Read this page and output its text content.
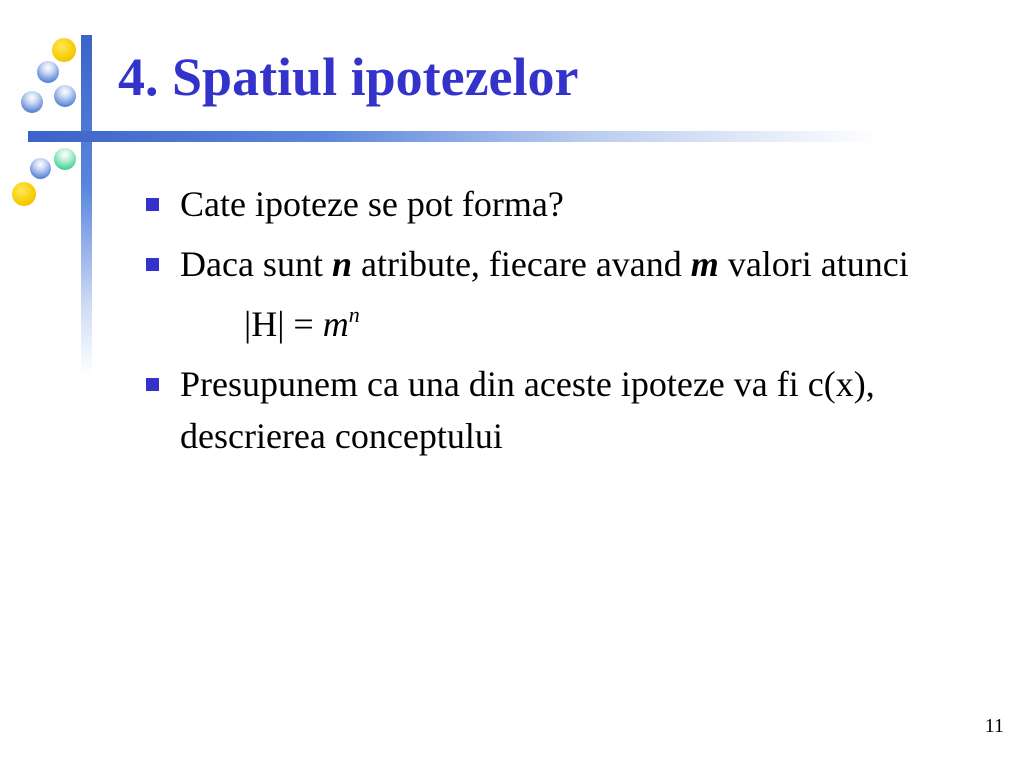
4. Spatiul ipotezelor
Cate ipoteze se pot forma?
Daca sunt n atribute, fiecare avand m valori atunci
$|H| = m^n$
Presupunem ca una din aceste ipoteze va fi c(x), descrierea conceptului
11
